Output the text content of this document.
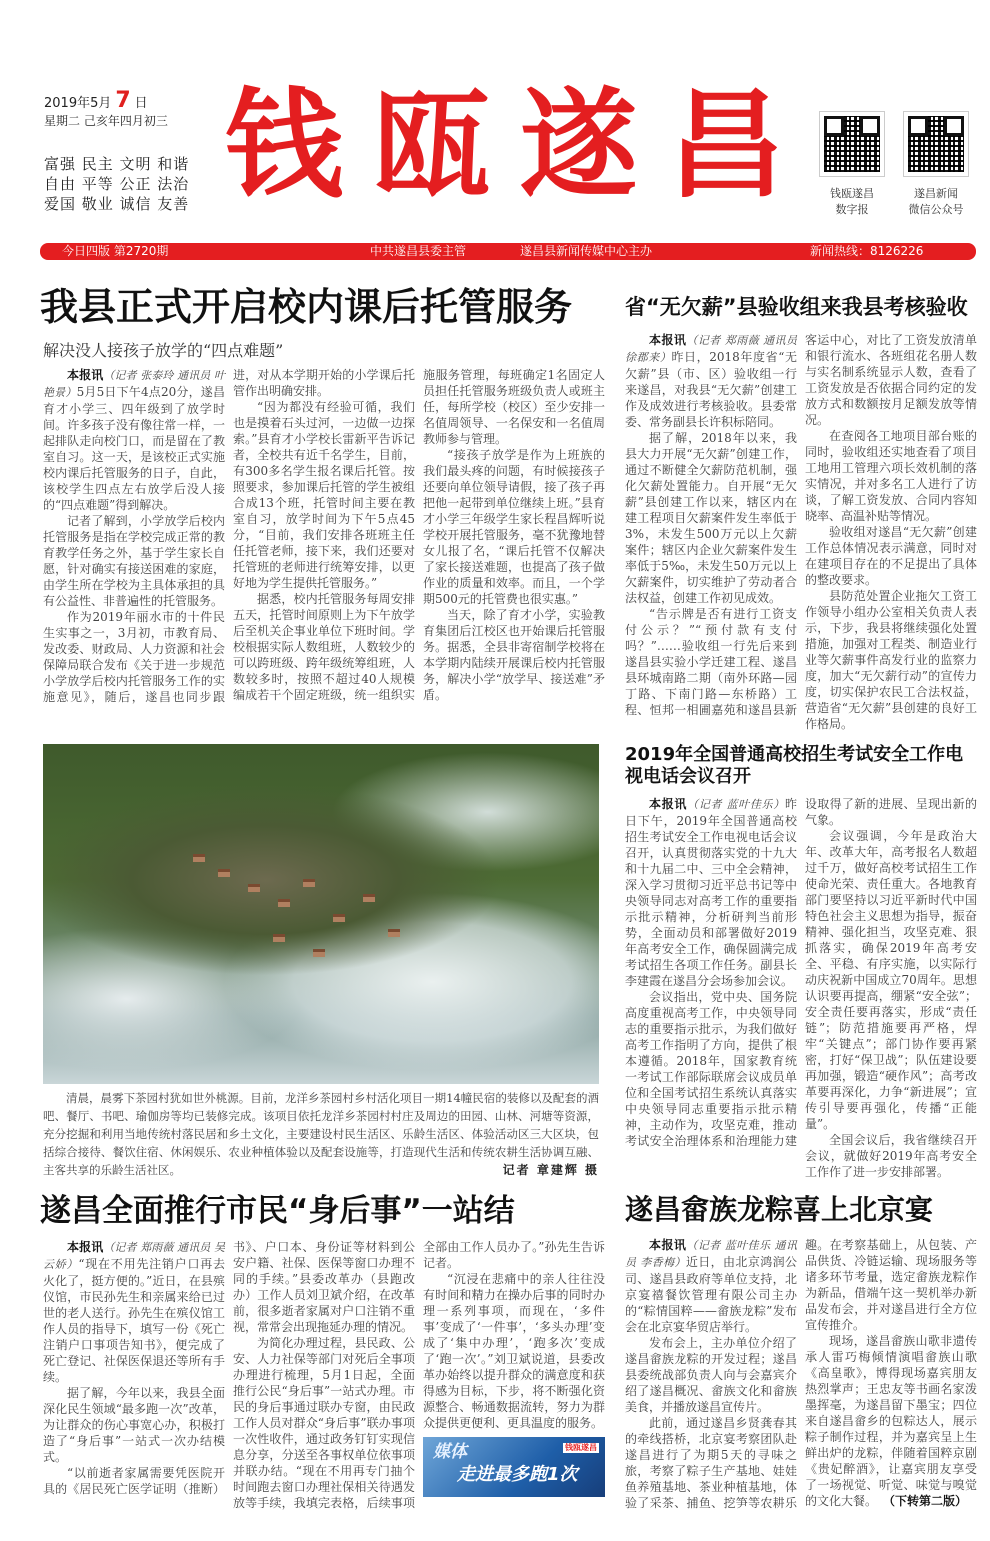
2019年5月 7 日
星期二 己亥年四月初三
富强 民主 文明 和谐
自由 平等 公正 法治
爱国 敬业 诚信 友善 钱 瓯 遂 昌	钱瓯遂昌
数字报
遂昌新闻
微信公众号
今日四版 第2720期	中共遂昌县委主管	遂昌县新闻传媒中心主办	新闻热线：8126226
我县正式开启校内课后托管服务
解决没人接孩子放学的“四点难题”

本报讯（记者 张泰玲 通讯员 叶艳景）5月5日下午4点20分，遂昌育才小学三、四年级到了放学时间。许多孩子没有像往常一样，一起排队走向校门口，而是留在了教室自习。这一天，是该校正式实施校内课后托管服务的日子，自此，该校学生四点左右放学后没人接的“四点难题”得到解决。

记者了解到，小学放学后校内托管服务是指在学校完成正常的教育教学任务之外，基于学生家长自愿，针对确实有接送困难的家庭，由学生所在学校为主具体承担的具有公益性、非普遍性的托管服务。

作为2019年丽水市的十件民生实事之一，3月初，市教育局、发改委、财政局、人力资源和社会保障局联合发布《关于进一步规范小学放学后校内托管服务工作的实施意见》，随后，遂昌也同步跟进，对从本学期开始的小学课后托管作出明确安排。

“因为都没有经验可循，我们也是摸着石头过河，一边做一边探索。”县育才小学校长雷新平告诉记者，全校共有近千名学生，目前，有300多名学生报名课后托管。按照要求，参加课后托管的学生被组合成13个班，托管时间主要在教室自习，放学时间为下午5点45分，“目前，我们安排各班班主任任托管老师，接下来，我们还要对托管班的老师进行统筹安排，以更好地为学生提供托管服务。”

据悉，校内托管服务每周安排五天，托管时间原则上为下午放学后至机关企事业单位下班时间。学校根据实际人数组班，人数较少的可以跨班级、跨年级统筹组班，人数较多时，按照不超过40人规模编成若干个固定班级，统一组织实施服务管理，每班确定1名固定人员担任托管服务班级负责人或班主任，每所学校（校区）至少安排一名值周领导、一名保安和一名值周教师参与管理。

“接孩子放学是作为上班族的我们最头疼的问题，有时候接孩子还要向单位领导请假，接了孩子再把他一起带到单位继续上班。”县育才小学三年级学生家长程昌辉听说学校开展托管服务，毫不犹豫地替女儿报了名，“课后托管不仅解决了家长接送难题，也提高了孩子做作业的质量和效率。而且，一个学期500元的托管费也很实惠。”

当天，除了育才小学，实验教育集团后江校区也开始课后托管服务。据悉，全县非寄宿制学校将在本学期内陆续开展课后校内托管服务，解决小学“放学早、接送难”矛盾。

省“无欠薪”县验收组来我县考核验收

本报讯（记者 郑雨薇 通讯员 徐郡来）昨日，2018年度省“无欠薪”县（市、区）验收组一行来遂昌，对我县“无欠薪”创建工作及成效进行考核验收。县委常委、常务副县长许积标陪同。

据了解，2018年以来，我县大力开展“无欠薪”创建工作，通过不断健全欠薪防范机制，强化欠薪处置能力。自开展“无欠薪”县创建工作以来，辖区内在建工程项目欠薪案件发生率低于3%，未发生500万元以上欠薪案件；辖区内企业欠薪案件发生率低于5‰，未发生50万元以上欠薪案件，切实维护了劳动者合法权益，创建工作初见成效。

“告示牌是否有进行工资支付公示？”“预付款有支付吗？”……验收组一行先后来到遂昌县实验小学迁建工程、遂昌县环城南路二期（南外环路—园丁路、下南门路—东桥路）工程、恒邦一相圃嘉苑和遂昌县新客运中心，对比了工资发放清单和银行流水、各班组花名册人数与实名制系统显示人数，查看了工资发放是否依据合同约定的发放方式和数额按月足额发放等情况。

在查阅各工地项目部台账的同时，验收组还实地查看了项目工地用工管理六项长效机制的落实情况，并对多名工人进行了访谈，了解工资发放、合同内容知晓率、高温补贴等情况。

验收组对遂昌“无欠薪”创建工作总体情况表示满意，同时对在建项目存在的不足提出了具体的整改要求。

县防范处置企业拖欠工资工作领导小组办公室相关负责人表示，下步，我县将继续强化处置措施，加强对工程类、制造业行业等欠薪事件高发行业的监察力度，加大“无欠薪行动”的宣传力度，切实保护农民工合法权益，营造省“无欠薪”县创建的良好工作格局。

清晨，晨雾下茶园村犹如世外桃源。目前，龙洋乡茶园村乡村活化项目一期14幢民宿的装修以及配套的酒吧、餐厅、书吧、瑜伽房等均已装修完成。该项目依托龙洋乡茶园村村庄及周边的田园、山林、河塘等资源，充分挖掘和利用当地传统村落民居和乡土文化，主要建设村民生活区、乐龄生活区、体验活动区三大区块，包括综合接待、餐饮住宿、休闲娱乐、农业种植体验以及配套设施等，打造现代生活和传统农耕生活协调互融、主客共享的乐龄生活社区。	记者 章建辉 摄
2019年全国普通高校招生考试安全工作电视电话会议召开

本报讯（记者 蓝叶佳乐）昨日下午，2019年全国普通高校招生考试安全工作电视电话会议召开，认真贯彻落实党的十九大和十九届二中、三中全会精神，深入学习贯彻习近平总书记等中央领导同志对高考工作的重要指示批示精神，分析研判当前形势，全面动员和部署做好2019年高考安全工作，确保圆满完成考试招生各项工作任务。副县长李建霞在遂昌分会场参加会议。

会议指出，党中央、国务院高度重视高考工作，中央领导同志的重要指示批示，为我们做好高考工作指明了方向，提供了根本遵循。2018年，国家教育统一考试工作部际联席会议成员单位和全国考试招生系统认真落实中央领导同志重要指示批示精神，主动作为，攻坚克难，推动考试安全治理体系和治理能力建设取得了新的进展、呈现出新的气象。

会议强调，今年是政治大年、改革大年，高考报名人数超过千万，做好高校考试招生工作使命光荣、责任重大。各地教育部门要坚持以习近平新时代中国特色社会主义思想为指导，振奋精神、强化担当，攻坚克难、狠抓落实，确保2019年高考安全、平稳、有序实施，以实际行动庆祝新中国成立70周年。思想认识要再提高，绷紧“安全弦”；安全责任要再落实，形成“责任链”；防范措施要再严格，焊牢“关键点”；部门协作要再紧密，打好“保卫战”；队伍建设要再加强，锻造“硬作风”；高考改革要再深化，力争“新进展”；宣传引导要再强化，传播“正能量”。

全国会议后，我省继续召开会议，就做好2019年高考安全工作作了进一步安排部署。

遂昌全面推行市民“身后事”一站结

本报讯（记者 郑雨薇 通讯员 吴云娇）“现在不用先注销户口再去火化了，挺方便的。”近日，在县殡仪馆，市民孙先生和亲属来给已过世的老人送行。孙先生在殡仪馆工作人员的指导下，填写一份《死亡注销户口事项告知书》，便完成了死亡登记、社保医保退还等所有手续。

据了解，今年以来，我县全面深化民生领域“最多跑一次”改革，为让群众的伤心事宽心办，积极打造了“身后事”一站式一次办结模式。

“以前逝者家属需要凭医院开具的《居民死亡医学证明（推断）书》、户口本、身份证等材料到公安户籍、社保、医保等窗口办理不同的手续。”县委改革办（县跑改办）工作人员刘卫斌介绍，在改革前，很多逝者家属对户口注销不重视，常常会出现拖延办理的情况。

为简化办理过程，县民政、公安、人力社保等部门对死后全事项办理进行梳理，5月1日起，全面推行公民“身后事”一站式办理。市民的身后事通过联办专窗，由民政工作人员对群众“身后事”联办事项一次性收件，通过政务钉钉实现信息分享，分送至各事权单位依事项并联办结。“现在不用再专门抽个时间跑去窗口办理社保相关待遇发放等手续，我填完表格，后续事项全部由工作人员办了。”孙先生告诉记者。

“沉浸在悲痛中的亲人往往没有时间和精力在操办后事的同时办理一系列事项，而现在，‘多件事’变成了‘一件事’，‘多头办理’变成了‘集中办理’，‘跑多次’变成了‘跑一次’。”刘卫斌说道，县委改革办始终以提升群众的满意度和获得感为目标，下步，将不断强化资源整合、畅通数据流转，努力为群众提供更便利、更具温度的服务。

媒体
走进最多跑1次
钱瓯遂昌
遂昌畲族龙粽喜上北京宴

本报讯（记者 蓝叶佳乐 通讯员 李香梅）近日，由北京鸿润公司、遂昌县政府等单位支持，北京宴禧餐饮管理有限公司主办的“粽情国粹——畲族龙粽”发布会在北京宴华贸店举行。

发布会上，主办单位介绍了遂昌畲族龙粽的开发过程；遂昌县委统战部负责人向与会嘉宾介绍了遂昌概况、畲族文化和畲族美食，并播放遂昌宣传片。

此前，通过遂昌乡贤龚春其的牵线搭桥，北京宴考察团队赴遂昌进行了为期5天的寻味之旅，考察了粽子生产基地、娃娃鱼养殖基地、茶业种植基地，体验了采茶、捕鱼、挖笋等农耕乐趣。在考察基础上，从包装、产品供货、冷链运输、现场服务等诸多环节考量，选定畲族龙粽作为新品，借端午这一契机举办新品发布会，并对遂昌进行全方位宣传推介。

现场，遂昌畲族山歌非遗传承人雷巧梅倾情演唱畲族山歌《高皇歌》，博得现场嘉宾朋友热烈掌声；王忠友等书画名家泼墨挥毫，为遂昌留下墨宝；四位来自遂昌畲乡的包粽达人，展示粽子制作过程，并为嘉宾呈上生鲜出炉的龙粽，伴随着国粹京剧《贵妃醉酒》，让嘉宾朋友享受了一场视觉、听觉、味觉与嗅觉的文化大餐。 （下转第二版）
